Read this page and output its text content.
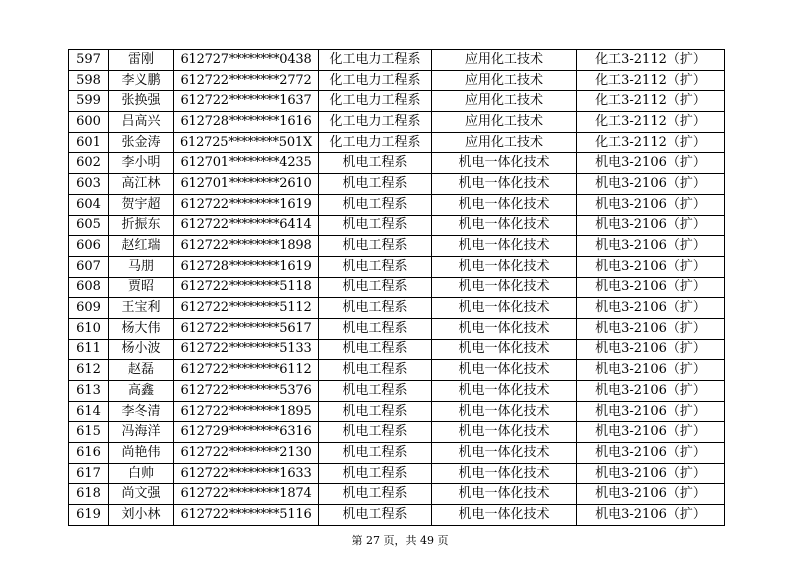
597	雷刚	612727********0438	化工电力工程系	应用化工技术	化工3-2112（扩）
598	李义鹏	612722********2772	化工电力工程系	应用化工技术	化工3-2112（扩）
599	张换强	612722********1637	化工电力工程系	应用化工技术	化工3-2112（扩）
600	吕高兴	612728********1616	化工电力工程系	应用化工技术	化工3-2112（扩）
601	张金涛	612725********501X	化工电力工程系	应用化工技术	化工3-2112（扩）
602	李小明	612701********4235	机电工程系	机电一体化技术	机电3-2106（扩）
603	高江林	612701********2610	机电工程系	机电一体化技术	机电3-2106（扩）
604	贺宇超	612722********1619	机电工程系	机电一体化技术	机电3-2106（扩）
605	折振东	612722********6414	机电工程系	机电一体化技术	机电3-2106（扩）
606	赵红瑞	612722********1898	机电工程系	机电一体化技术	机电3-2106（扩）
607	马朋	612728********1619	机电工程系	机电一体化技术	机电3-2106（扩）
608	贾昭	612722********5118	机电工程系	机电一体化技术	机电3-2106（扩）
609	王宝利	612722********5112	机电工程系	机电一体化技术	机电3-2106（扩）
610	杨大伟	612722********5617	机电工程系	机电一体化技术	机电3-2106（扩）
611	杨小波	612722********5133	机电工程系	机电一体化技术	机电3-2106（扩）
612	赵磊	612722********6112	机电工程系	机电一体化技术	机电3-2106（扩）
613	高鑫	612722********5376	机电工程系	机电一体化技术	机电3-2106（扩）
614	李冬清	612722********1895	机电工程系	机电一体化技术	机电3-2106（扩）
615	冯海洋	612729********6316	机电工程系	机电一体化技术	机电3-2106（扩）
616	尚艳伟	612722********2130	机电工程系	机电一体化技术	机电3-2106（扩）
617	白帅	612722********1633	机电工程系	机电一体化技术	机电3-2106（扩）
618	尚文强	612722********1874	机电工程系	机电一体化技术	机电3-2106（扩）
619	刘小林	612722********5116	机电工程系	机电一体化技术	机电3-2106（扩）
第 27 页，共 49 页
